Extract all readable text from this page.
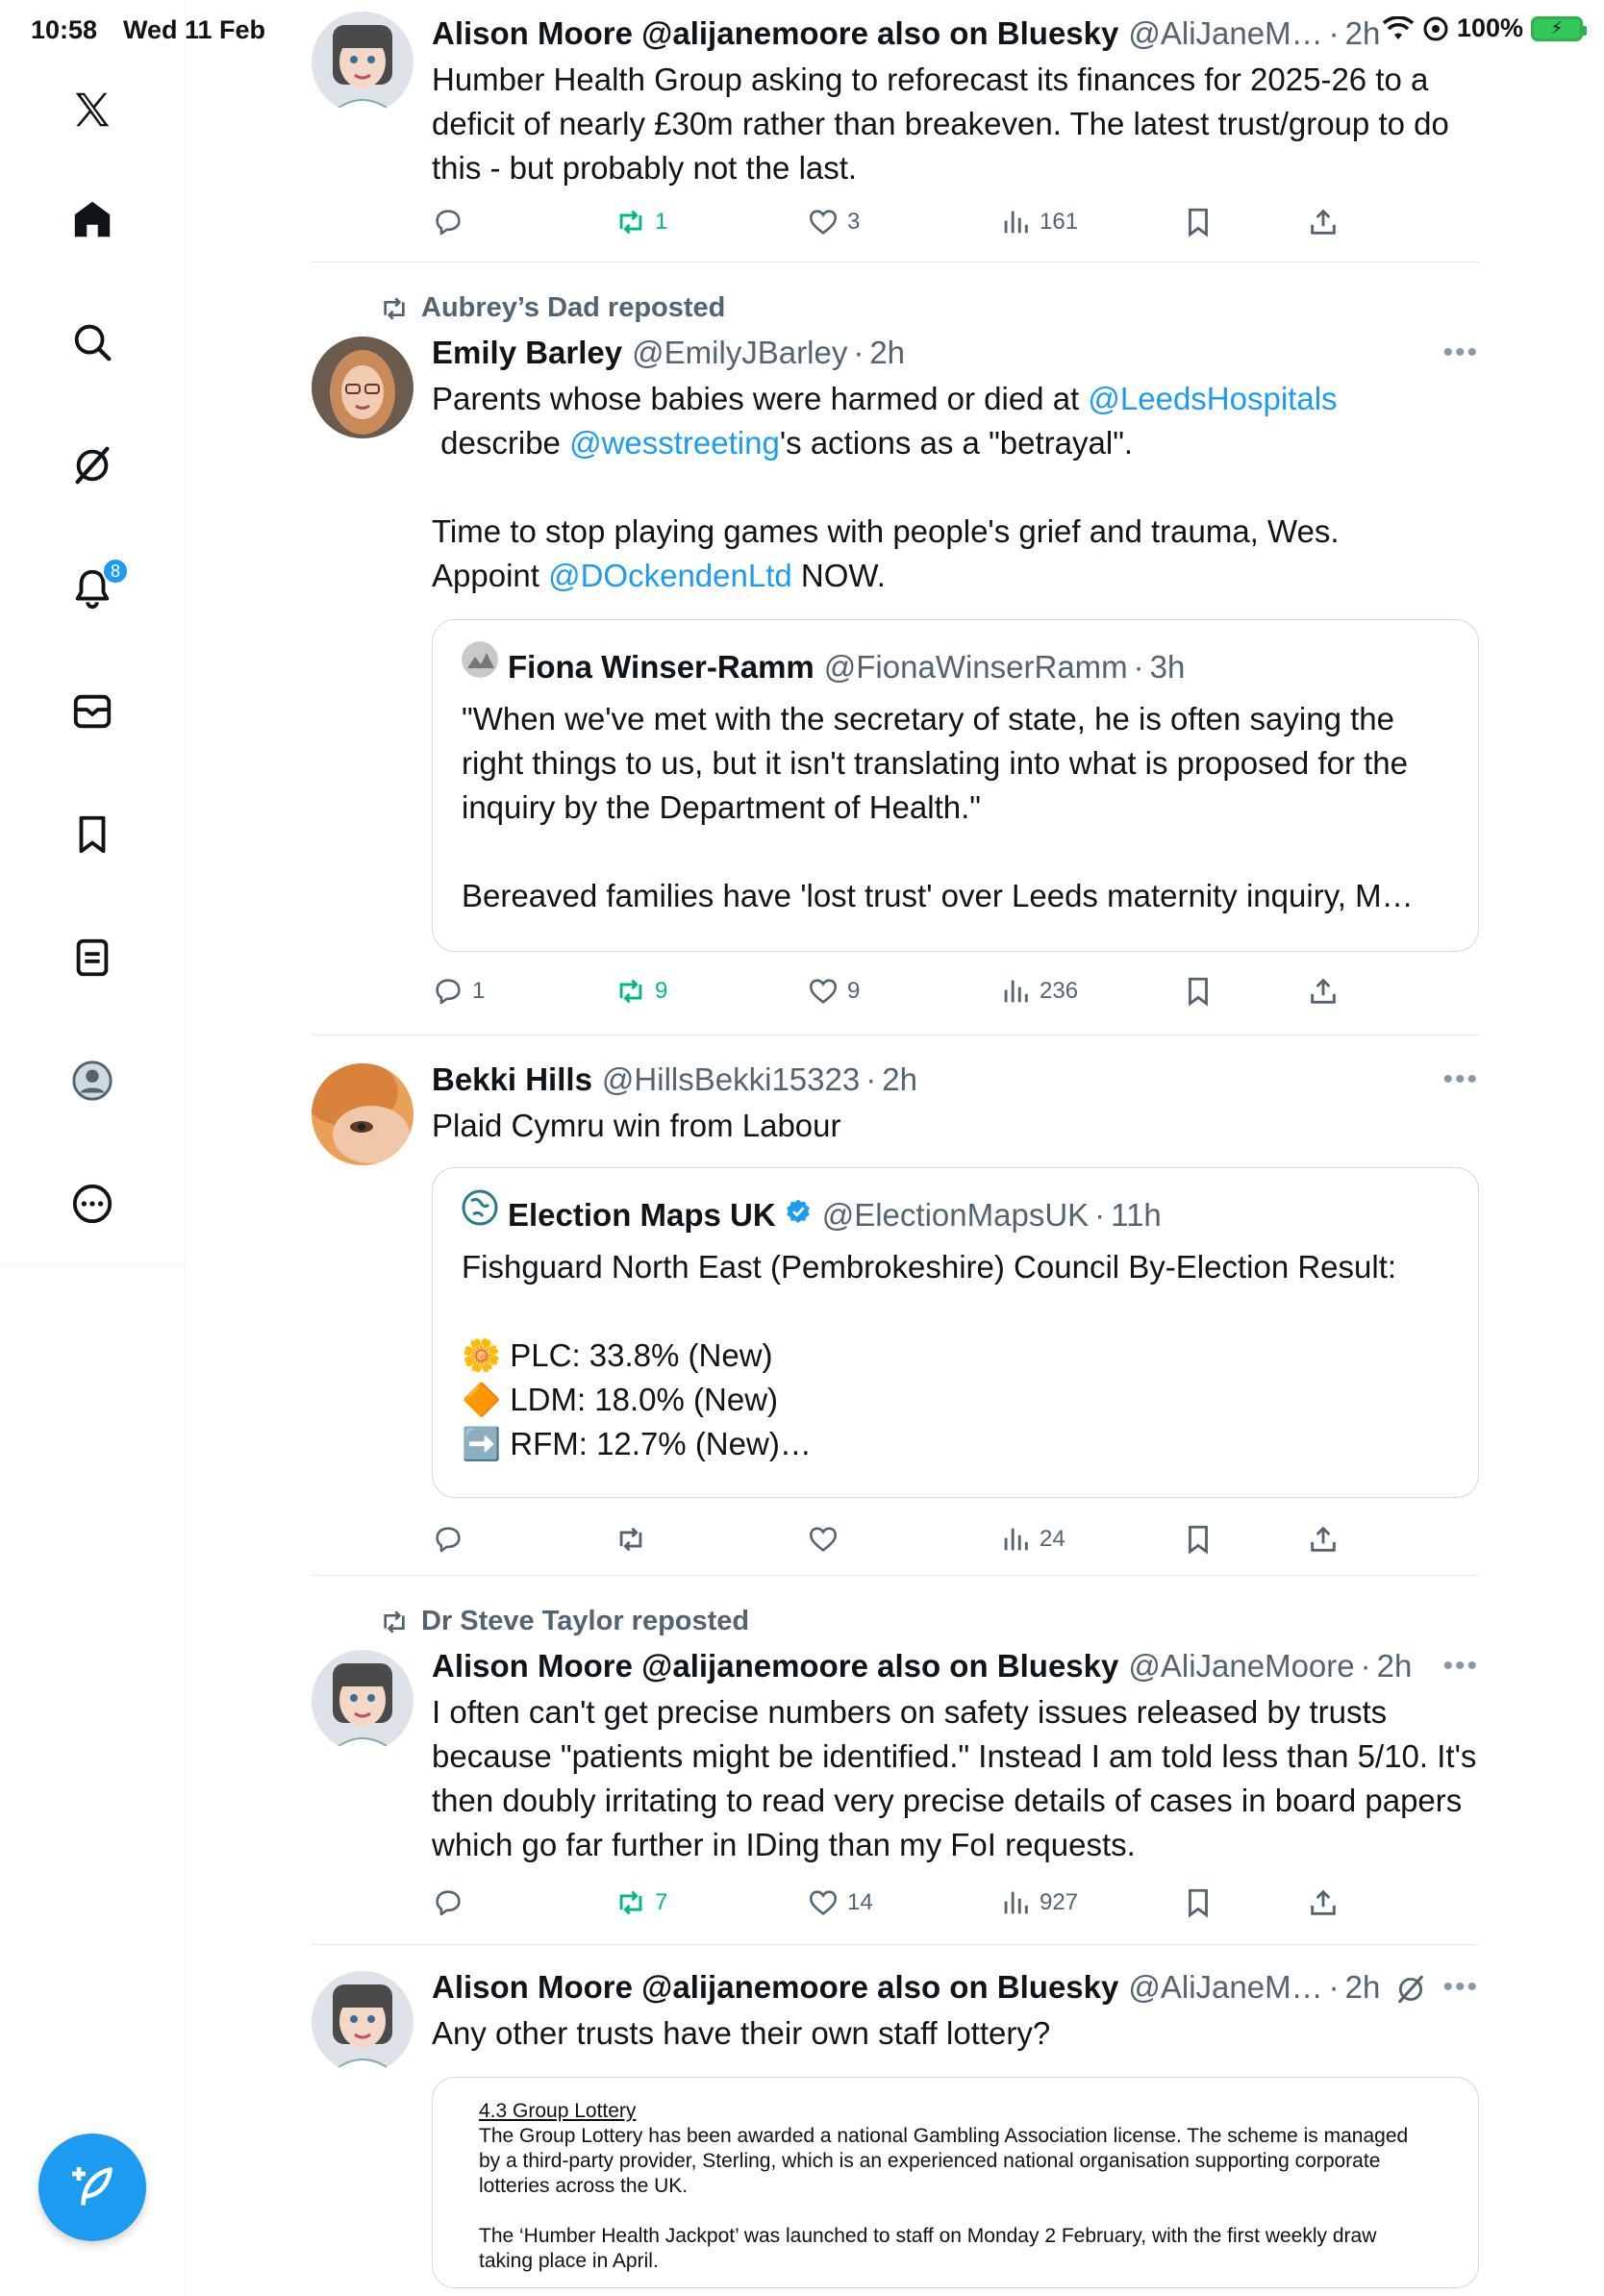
10:58 Wed 11 Feb	100%	⚡
8
Alison Moore @alijanemoore also on Bluesky @AliJaneM… · 2h
Humber Health Group asking to reforecast its finances for 2025-26 to a deficit of nearly £30m rather than breakeven. The latest trust/group to do this - but probably not the last.
1	3	161
Aubrey’s Dad reposted
Emily Barley @EmilyJBarley · 2h	•••
Parents whose babies were harmed or died at @LeedsHospitals
describe @wesstreeting's actions as a "betrayal".

Time to stop playing games with people's grief and trauma, Wes.
Appoint @DOckendenLtd NOW.
Fiona Winser-Ramm @FionaWinserRamm · 3h
"When we've met with the secretary of state, he is often saying the right things to us, but it isn't translating into what is proposed for the inquiry by the Department of Health."
Bereaved families have 'lost trust' over Leeds maternity inquiry, M…
1	9	9	236
Bekki Hills @HillsBekki15323 · 2h	•••
Plaid Cymru win from Labour
Election Maps UK @ElectionMapsUK · 11h
Fishguard North East (Pembrokeshire) Council By-Election Result:
🌼 PLC: 33.8% (New)
🔶 LDM: 18.0% (New)
➡️ RFM: 12.7% (New)…
24
Dr Steve Taylor reposted
Alison Moore @alijanemoore also on Bluesky @AliJaneMoore · 2h •••
I often can't get precise numbers on safety issues released by trusts because "patients might be identified." Instead I am told less than 5/10. It's then doubly irritating to read very precise details of cases in board papers which go far further in IDing than my FoI requests.
7	14	927
Alison Moore @alijanemoore also on Bluesky @AliJaneM… · 2h •••
Any other trusts have their own staff lottery?
4.3 Group Lottery
The Group Lottery has been awarded a national Gambling Association license. The scheme is managed by a third-party provider, Sterling, which is an experienced national organisation supporting corporate lotteries across the UK.
The ‘Humber Health Jackpot’ was launched to staff on Monday 2 February, with the first weekly draw taking place in April.
